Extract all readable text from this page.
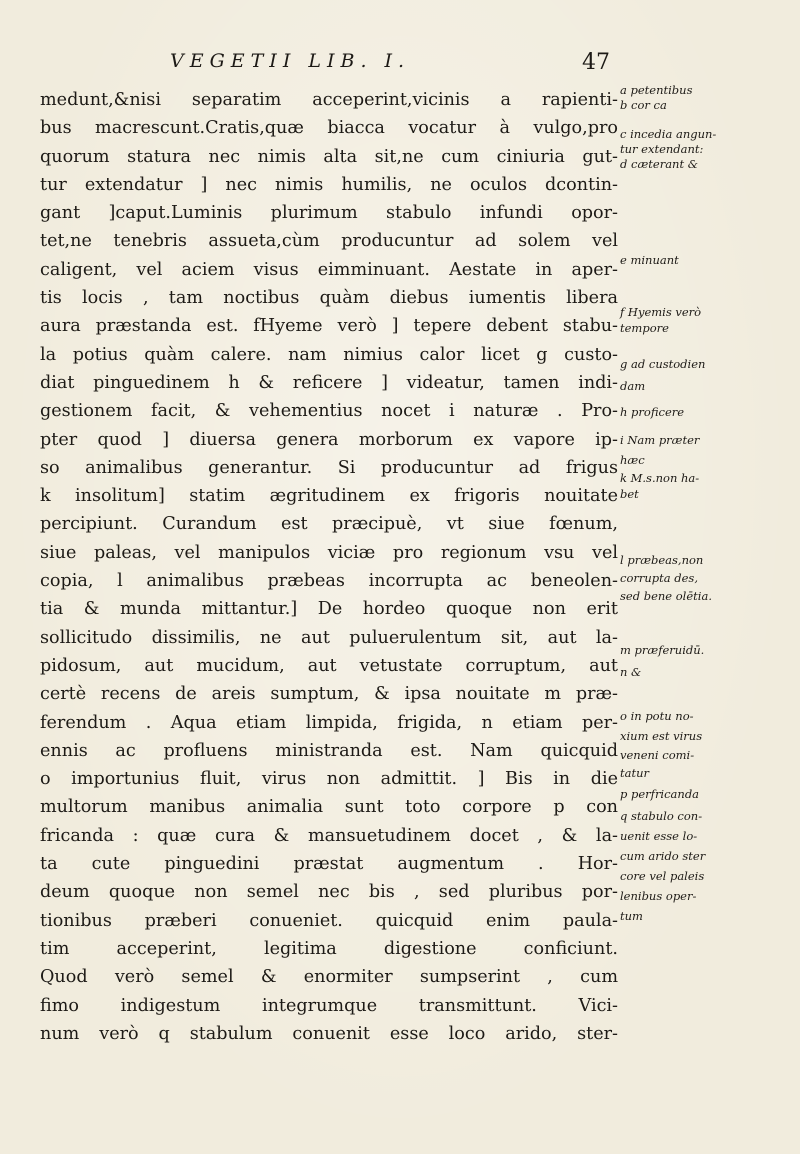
VEGETII LIB. I.	47
medunt,&nisi separatim acceperint,vicinis a rapienti-
bus macrescunt.Cratis,quæ biacca vocatur à vulgo,pro
quorum statura nec nimis alta sit,ne cum ciniuria gut-
tur extendatur ] nec nimis humilis, ne oculos dcontin-
gant ]caput.Luminis plurimum stabulo infundi opor-
tet,ne tenebris assueta,cùm producuntur ad solem vel
caligent, vel aciem visus eimminuant. Aestate in aper-
tis locis , tam noctibus quàm diebus iumentis libera
aura præstanda est. fHyeme verò ] tepere debent stabu-
la potius quàm calere. nam nimius calor licet g custo-
diat pinguedinem h & reficere ] videatur, tamen indi-
gestionem facit, & vehementius nocet i naturæ . Pro-
pter quod ] diuersa genera morborum ex vapore ip-
so animalibus generantur. Si producuntur ad frigus
k insolitum] statim ægritudinem ex frigoris nouitate
percipiunt. Curandum est præcipuè, vt siue fœnum,
siue paleas, vel manipulos viciæ pro regionum vsu vel
copia, l animalibus præbeas incorrupta ac beneolen-
tia & munda mittantur.] De hordeo quoque non erit
sollicitudo dissimilis, ne aut puluerulentum sit, aut la-
pidosum, aut mucidum, aut vetustate corruptum, aut
certè recens de areis sumptum, & ipsa nouitate m præ-
ferendum . Aqua etiam limpida, frigida, n etiam per-
ennis ac profluens ministranda est. Nam quicquid
o importunius fluit, virus non admittit. ] Bis in die
multorum manibus animalia sunt toto corpore p con
fricanda : quæ cura & mansuetudinem docet , & la-
ta cute pinguedini præstat augmentum . Hor-
deum quoque non semel nec bis , sed pluribus por-
tionibus præberi conueniet. quicquid enim paula-
tim acceperint, legitima digestione conficiunt.
Quod verò semel & enormiter sumpserint , cum
fimo indigestum integrumque transmittunt. Vici-
num verò q stabulum conuenit esse loco arido, ster-
a petentibus
b cor ca
c incedia angun-
tur extendant:
d cæterant &
e minuant
f Hyemis verò
tempore
g ad custodien
dam
h proficere
i Nam præter
hæc
k M.s.non ha-
bet
l præbeas,non
corrupta des,
sed bene olētia.
m præferuidū.
n &
o in potu no-
xium est virus
veneni comi-
tatur
p perfricanda
q stabulo con-
uenit esse lo-
cum arido ster
core vel paleis
lenibus oper-
tum
